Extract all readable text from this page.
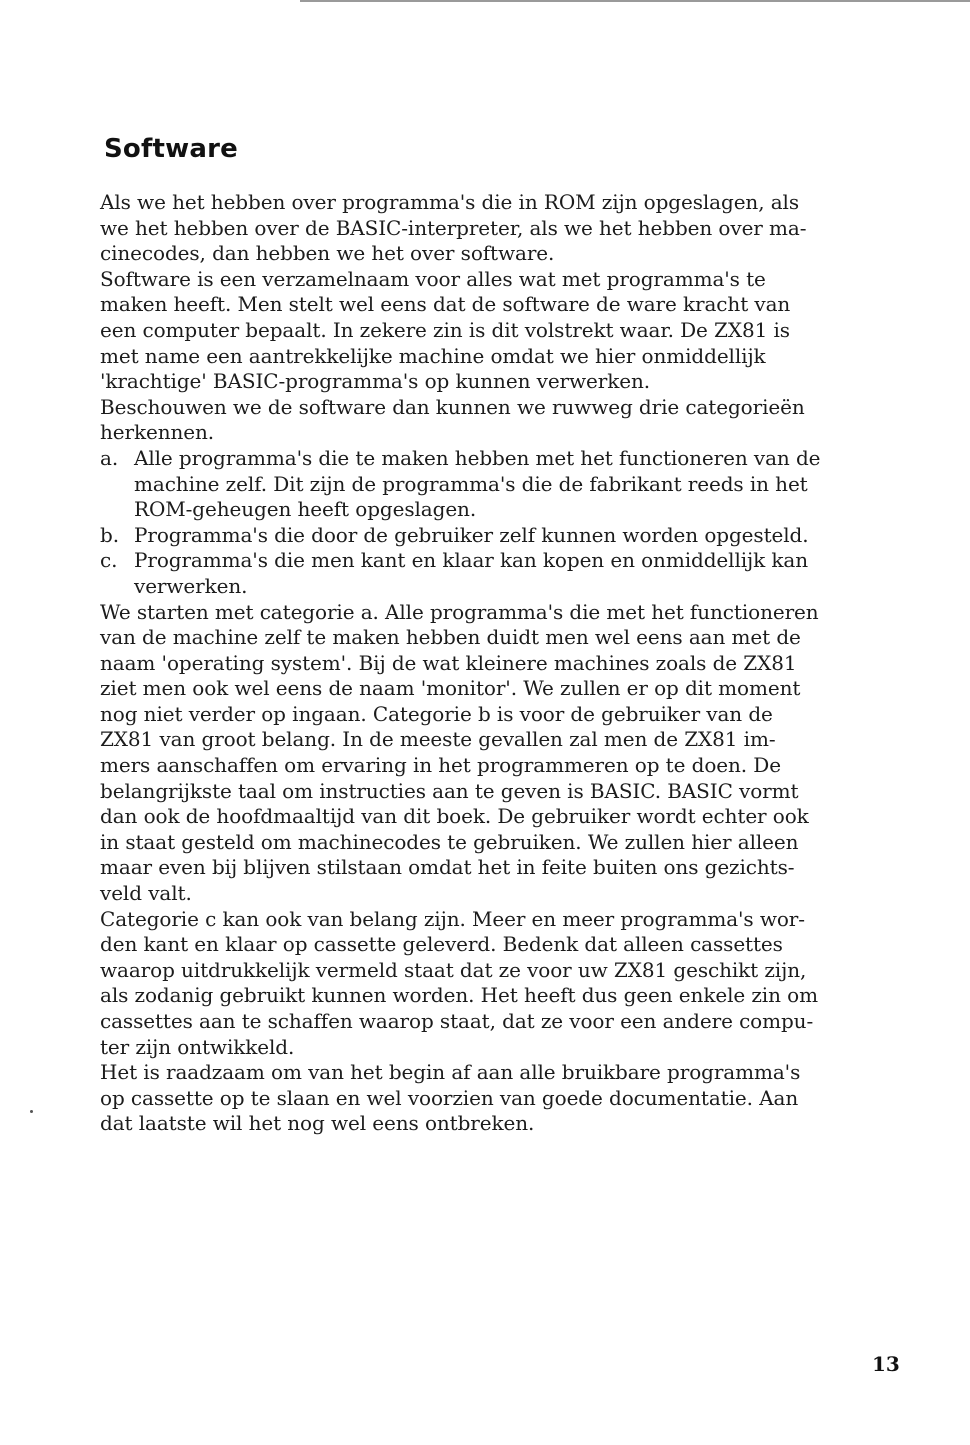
Software
Als we het hebben over programma's die in ROM zijn opgeslagen, als
we het hebben over de BASIC-interpreter, als we het hebben over ma-
cinecodes, dan hebben we het over software.
Software is een verzamelnaam voor alles wat met programma's te
maken heeft. Men stelt wel eens dat de software de ware kracht van
een computer bepaalt. In zekere zin is dit volstrekt waar. De ZX81 is
met name een aantrekkelijke machine omdat we hier onmiddellijk
'krachtige' BASIC-programma's op kunnen verwerken.
Beschouwen we de software dan kunnen we ruwweg drie categorieën
herkennen.
a. Alle programma's die te maken hebben met het functioneren van de
machine zelf. Dit zijn de programma's die de fabrikant reeds in het
ROM-geheugen heeft opgeslagen.
b. Programma's die door de gebruiker zelf kunnen worden opgesteld.
c. Programma's die men kant en klaar kan kopen en onmiddellijk kan
verwerken.
We starten met categorie a. Alle programma's die met het functioneren
van de machine zelf te maken hebben duidt men wel eens aan met de
naam 'operating system'. Bij de wat kleinere machines zoals de ZX81
ziet men ook wel eens de naam 'monitor'. We zullen er op dit moment
nog niet verder op ingaan. Categorie b is voor de gebruiker van de
ZX81 van groot belang. In de meeste gevallen zal men de ZX81 im-
mers aanschaffen om ervaring in het programmeren op te doen. De
belangrijkste taal om instructies aan te geven is BASIC. BASIC vormt
dan ook de hoofdmaaltijd van dit boek. De gebruiker wordt echter ook
in staat gesteld om machinecodes te gebruiken. We zullen hier alleen
maar even bij blijven stilstaan omdat het in feite buiten ons gezichts-
veld valt.
Categorie c kan ook van belang zijn. Meer en meer programma's wor-
den kant en klaar op cassette geleverd. Bedenk dat alleen cassettes
waarop uitdrukkelijk vermeld staat dat ze voor uw ZX81 geschikt zijn,
als zodanig gebruikt kunnen worden. Het heeft dus geen enkele zin om
cassettes aan te schaffen waarop staat, dat ze voor een andere compu-
ter zijn ontwikkeld.
Het is raadzaam om van het begin af aan alle bruikbare programma's
op cassette op te slaan en wel voorzien van goede documentatie. Aan
dat laatste wil het nog wel eens ontbreken.
13
